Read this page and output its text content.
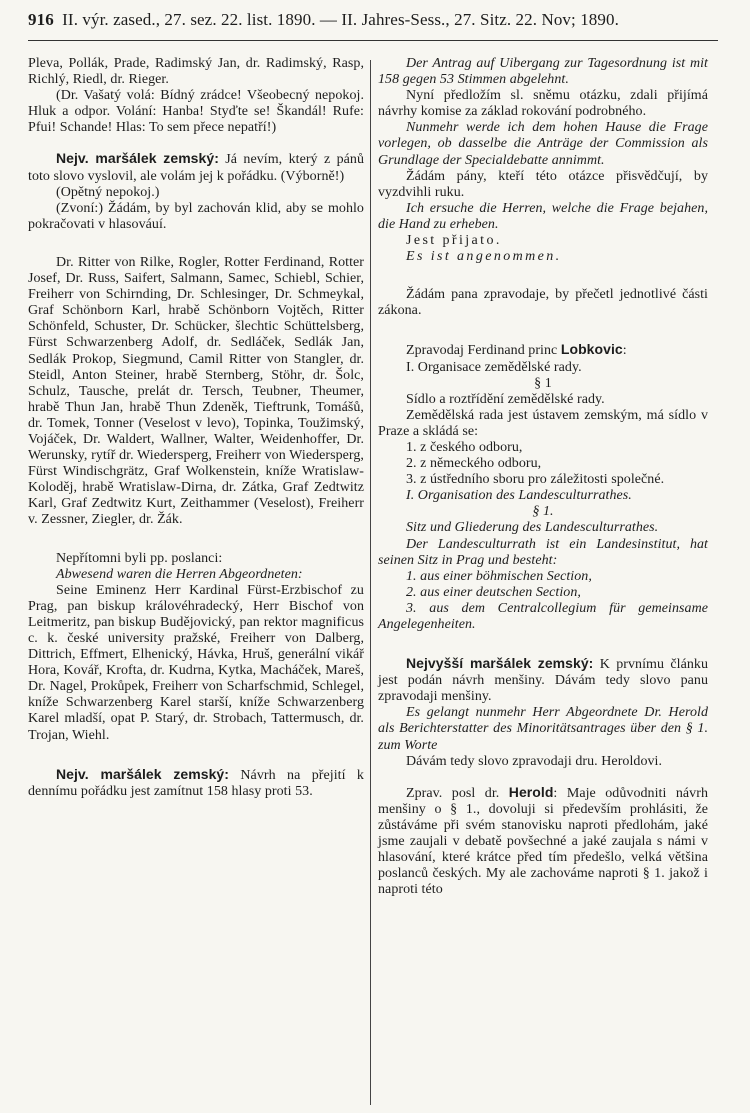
916 II. výr. zased., 27. sez. 22. list. 1890. — II. Jahres-Sess., 27. Sitz. 22. Nov; 1890.

Pleva, Pollák, Prade, Radimský Jan, dr. Radimský, Rasp, Richlý, Riedl, dr. Rieger.

(Dr. Vašatý volá: Bídný zrádce! Všeobecný nepokoj. Hluk a odpor. Volání: Hanba! Styďte se! Škandál! Rufe: Pfui! Schande! Hlas: To sem přece nepatří!)

Nejv. maršálek zemský: Já nevím, který z pánů toto slovo vyslovil, ale volám jej k pořádku. (Výborně!)

(Opětný nepokoj.)

(Zvoní:) Žádám, by byl zachován klid, aby se mohlo pokračovati v hlasováuí.

Dr. Ritter von Rilke, Rogler, Rotter Ferdinand, Rotter Josef, Dr. Russ, Saifert, Salmann, Samec, Schiebl, Schier, Freiherr von Schirnding, Dr. Schlesinger, Dr. Schmeykal, Graf Schönborn Karl, hrabě Schönborn Vojtěch, Ritter Schönfeld, Schuster, Dr. Schücker, šlechtic Schüttelsberg, Fürst Schwarzenberg Adolf, dr. Sedláček, Sedlák Jan, Sedlák Prokop, Siegmund, Camil Ritter von Stangler, dr. Steidl, Anton Steiner, hrabě Sternberg, Stöhr, dr. Šolc, Schulz, Tausche, prelát dr. Tersch, Teubner, Theumer, hrabě Thun Jan, hrabě Thun Zdeněk, Tieftrunk, Tomášů, dr. Tomek, Tonner (Veselost v levo), Topinka, Toužimský, Vojáček, Dr. Waldert, Wallner, Walter, Weidenhoffer, Dr. Werunsky, rytíř dr. Wiedersperg, Freiherr von Wiedersperg, Fürst Windischgrätz, Graf Wolkenstein, kníže Wratislaw-Koloděj, hrabě Wratislaw-Dirna, dr. Zátka, Graf Zedtwitz Karl, Graf Zedtwitz Kurt, Zeithammer (Veselost), Freiherr v. Zessner, Ziegler, dr. Žák.

Nepřítomni byli pp. poslanci:

Abwesend waren die Herren Abgeordneten:

Seine Eminenz Herr Kardinal Fürst-Erzbischof zu Prag, pan biskup královéhradecký, Herr Bischof von Leitmeritz, pan biskup Budějovický, pan rektor magnificus c. k. české university pražské, Freiherr von Dalberg, Dittrich, Effmert, Elhenický, Hávka, Hruš, generální vikář Hora, Kovář, Krofta, dr. Kudrna, Kytka, Macháček, Mareš, Dr. Nagel, Prokůpek, Freiherr von Scharfschmid, Schlegel, kníže Schwarzenberg Karel starší, kníže Schwarzenberg Karel mladší, opat P. Starý, dr. Strobach, Tattermusch, dr. Trojan, Wiehl.

Nejv. maršálek zemský: Návrh na přejití k dennímu pořádku jest zamítnut 158 hlasy proti 53.

Der Antrag auf Uibergang zur Tagesordnung ist mit 158 gegen 53 Stimmen abgelehnt.

Nyní předložím sl. sněmu otázku, zdali přijímá návrhy komise za základ rokování podrobného.

Nunmehr werde ich dem hohen Hause die Frage vorlegen, ob dasselbe die Anträge der Commission als Grundlage der Specialdebatte annimmt.

Žádám pány, kteří této otázce přisvědčují, by vyzdvihli ruku.

Ich ersuche die Herren, welche die Frage bejahen, die Hand zu erheben.

Jest přijato.

Es ist angenommen.

Žádám pana zpravodaje, by přečetl jednotlivé části zákona.

Zpravodaj Ferdinand princ Lobkovic:

I. Organisace zemědělské rady.

§ 1

Sídlo a roztřídění zemědělské rady.

Zemědělská rada jest ústavem zemským, má sídlo v Praze a skládá se:

1. z českého odboru,

2. z německého odboru,

3. z ústředního sboru pro záležitosti společné.

I. Organisation des Landesculturrathes.

§ 1.

Sitz und Gliederung des Landesculturrathes.

Der Landesculturrath ist ein Landesinstitut, hat seinen Sitz in Prag und besteht:

1. aus einer böhmischen Section,

2. aus einer deutschen Section,

3. aus dem Centralcollegium für gemeinsame Angelegenheiten.

Nejvyšší maršálek zemský: K prvnímu článku jest podán návrh menšiny. Dávám tedy slovo panu zpravodaji menšiny.

Es gelangt nunmehr Herr Abgeordnete Dr. Herold als Berichterstatter des Minoritätsantrages über den § 1. zum Worte

Dávám tedy slovo zpravodaji dru. Heroldovi.

Zprav. posl dr. Herold: Maje odůvodniti návrh menšiny o § 1., dovoluji si především prohlásiti, že zůstáváme při svém stanovisku naproti předlohám, jaké jsme zaujali v debatě povšechné a jaké zaujala s námi v hlasování, které krátce před tím předešlo, velká většina poslanců českých. My ale zachováme naproti § 1. jakož i naproti této
